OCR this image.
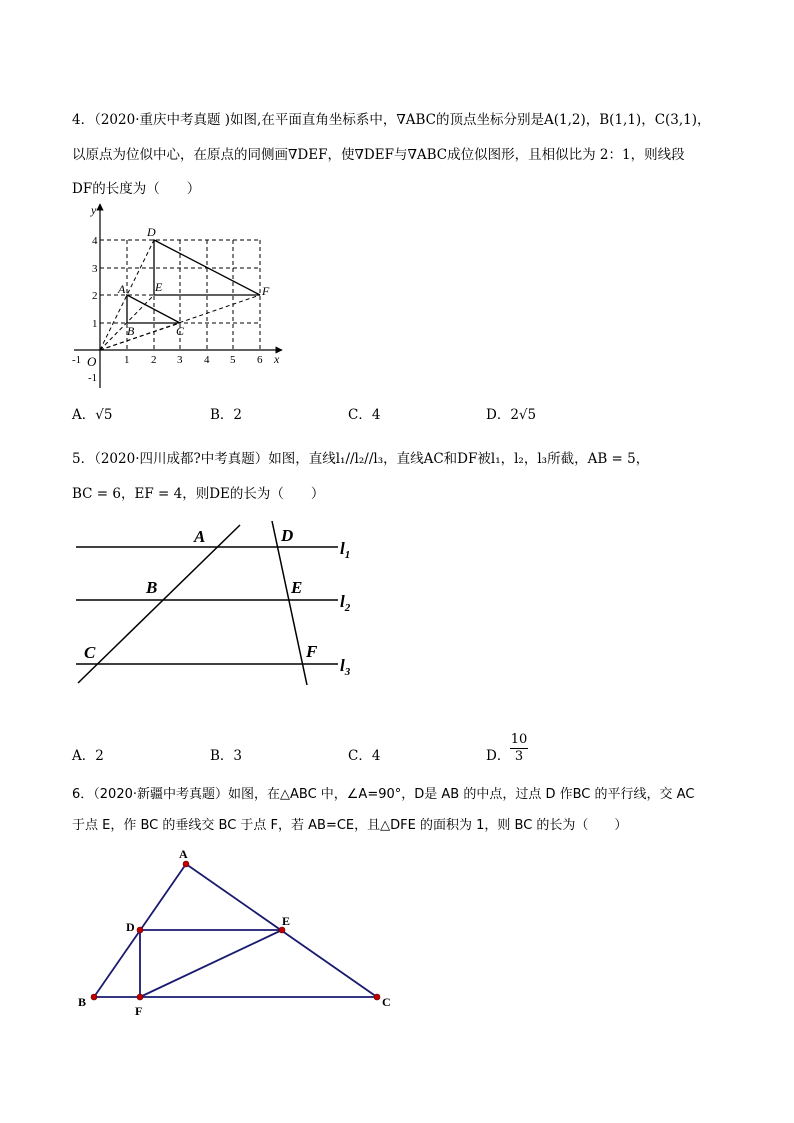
4．（2020·重庆中考真题 )如图,在平面直角坐标系中，∇ABC的顶点坐标分别是A(1,2)，B(1,1)，C(3,1)，
以原点为位似中心，在原点的同侧画∇DEF，使∇DEF与∇ABC成位似图形，且相似比为 2：1，则线段
DF的长度为（　　）
y
x
O
A
B	C
D
E	F
-1	1 2 3 4 5 6
-1
1
2
3
4
A．√5	B．2	C．4	D．2√5
5．（2020·四川成都?中考真题）如图，直线l₁//l₂//l₃，直线AC和DF被l₁，l₂，l₃所截，AB = 5，
BC = 6，EF = 4，则DE的长为（　　）
A
B
C
D
E
F
$l_1$
$l_2$
$l_3$
A．2	B．3	C．4	D．
10
3
6．（2020·新疆中考真题）如图，在△ABC 中，∠A=90°，D是 AB 的中点，过点 D 作BC 的平行线，交 AC
于点 E，作 BC 的垂线交 BC 于点 F，若 AB=CE，且△DFE 的面积为 1，则 BC 的长为（　　）
A
B	C
D	E
F
